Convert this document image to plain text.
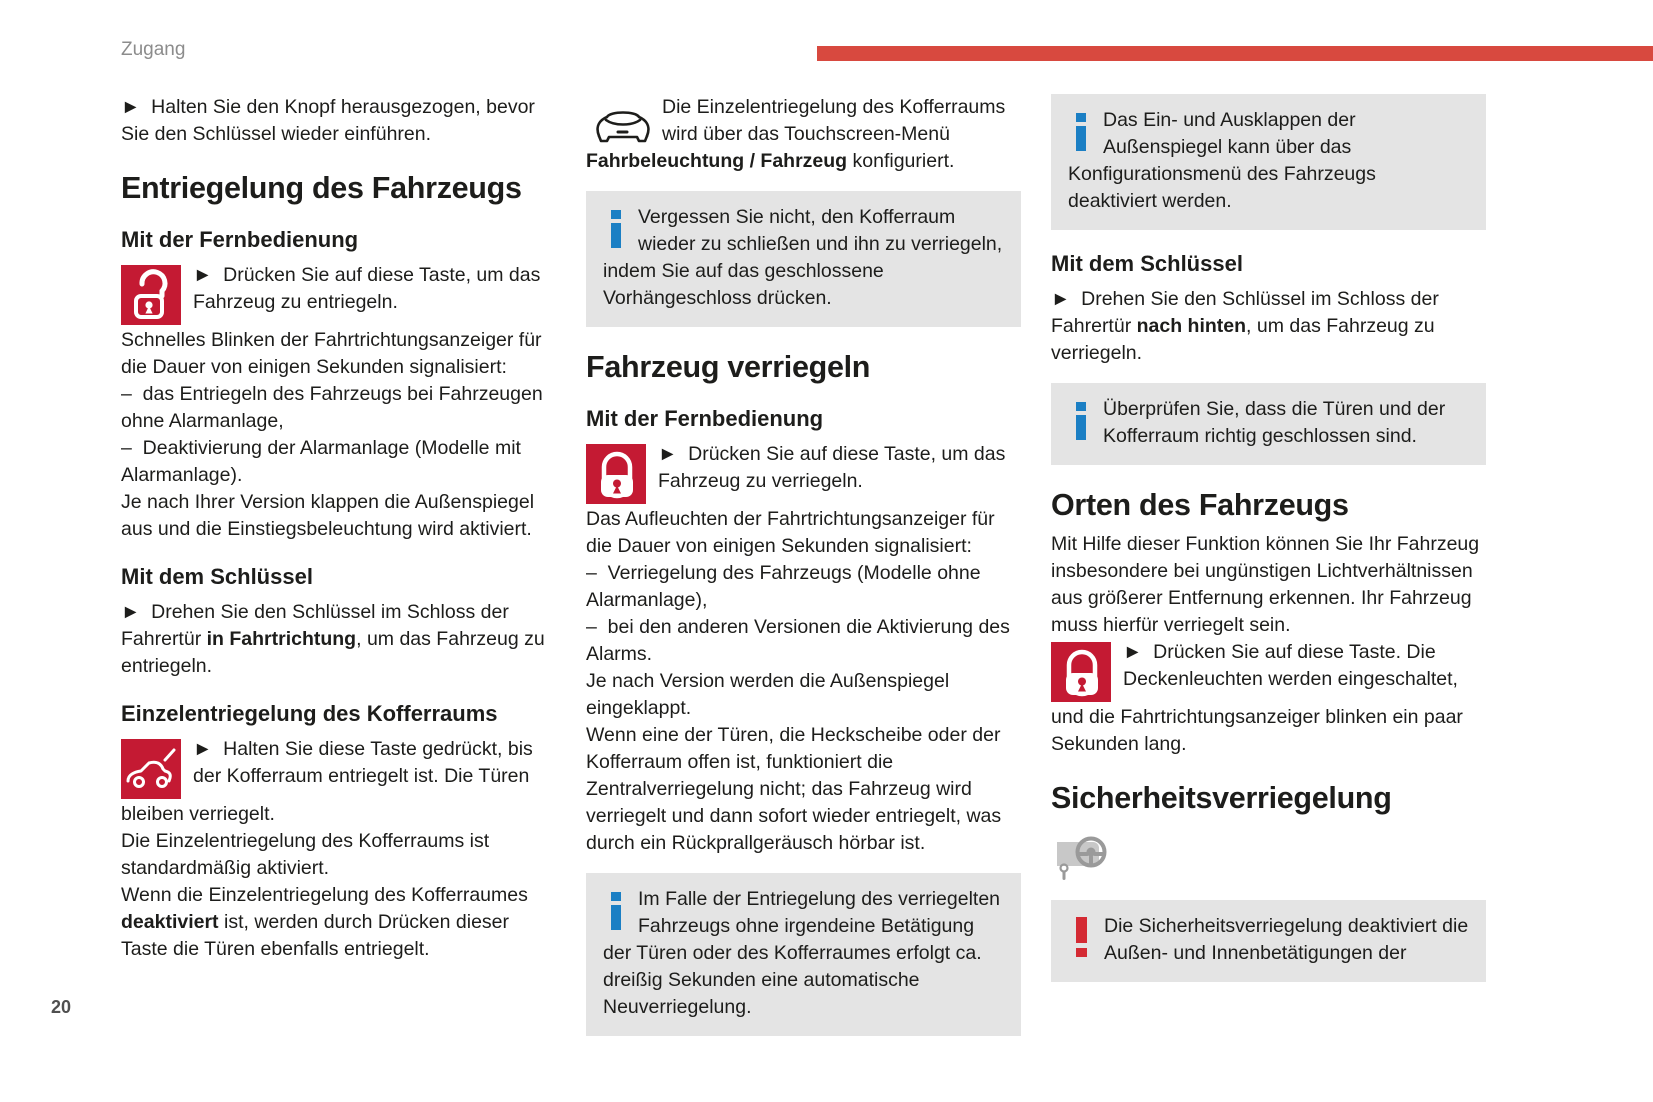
Zugang

►  Halten Sie den Knopf herausgezogen, bevor Sie den Schlüssel wieder einführen.

Entriegelung des Fahrzeugs
Mit der Fernbedienung

►  Drücken Sie auf diese Taste, um das Fahrzeug zu entriegeln.

Schnelles Blinken der Fahrtrichtungsanzeiger für die Dauer von einigen Sekunden signalisiert:

–  das Entriegeln des Fahrzeugs bei Fahrzeugen ohne Alarmanlage,

–  Deaktivierung der Alarmanlage (Modelle mit Alarmanlage).

Je nach Ihrer Version klappen die Außenspiegel aus und die Einstiegsbeleuchtung wird aktiviert.

Mit dem Schlüssel

►  Drehen Sie den Schlüssel im Schloss der Fahrertür in Fahrtrichtung, um das Fahrzeug zu entriegeln.

Einzelentriegelung des Kofferraums

►  Halten Sie diese Taste gedrückt, bis der Kofferraum entriegelt ist. Die Türen

bleiben verriegelt.

Die Einzelentriegelung des Kofferraums ist standardmäßig aktiviert.

Wenn die Einzelentriegelung des Kofferraumes deaktiviert ist, werden durch Drücken dieser Taste die Türen ebenfalls entriegelt.

Die Einzelentriegelung des Kofferraums wird über das Touchscreen-Menü

Fahrbeleuchtung / Fahrzeug konfiguriert.

Vergessen Sie nicht, den Kofferraum wieder zu schließen und ihn zu verriegeln, indem Sie auf das geschlossene Vorhängeschloss drücken.

Fahrzeug verriegeln
Mit der Fernbedienung

►  Drücken Sie auf diese Taste, um das Fahrzeug zu verriegeln.

Das Aufleuchten der Fahrtrichtungsanzeiger für die Dauer von einigen Sekunden signalisiert:

–  Verriegelung des Fahrzeugs (Modelle ohne Alarmanlage),

–  bei den anderen Versionen die Aktivierung des Alarms.

Je nach Version werden die Außenspiegel eingeklappt.

Wenn eine der Türen, die Heckscheibe oder der Kofferraum offen ist, funktioniert die Zentralverriegelung nicht; das Fahrzeug wird verriegelt und dann sofort wieder entriegelt, was durch ein Rückprallgeräusch hörbar ist.

Im Falle der Entriegelung des verriegelten Fahrzeugs ohne irgendeine Betätigung der Türen oder des Kofferraumes erfolgt ca. dreißig Sekunden eine automatische Neuverriegelung.

Das Ein- und Ausklappen der Außenspiegel kann über das Konfigurationsmenü des Fahrzeugs deaktiviert werden.

Mit dem Schlüssel

►  Drehen Sie den Schlüssel im Schloss der Fahrertür nach hinten, um das Fahrzeug zu verriegeln.

Überprüfen Sie, dass die Türen und der Kofferraum richtig geschlossen sind.

Orten des Fahrzeugs

Mit Hilfe dieser Funktion können Sie Ihr Fahrzeug insbesondere bei ungünstigen Lichtverhältnissen aus größerer Entfernung erkennen. Ihr Fahrzeug muss hierfür verriegelt sein.

►  Drücken Sie auf diese Taste. Die Deckenleuchten werden eingeschaltet,

und die Fahrtrichtungsanzeiger blinken ein paar Sekunden lang.

Sicherheitsverriegelung

Die Sicherheitsverriegelung deaktiviert die Außen- und Innenbetätigungen der

20
